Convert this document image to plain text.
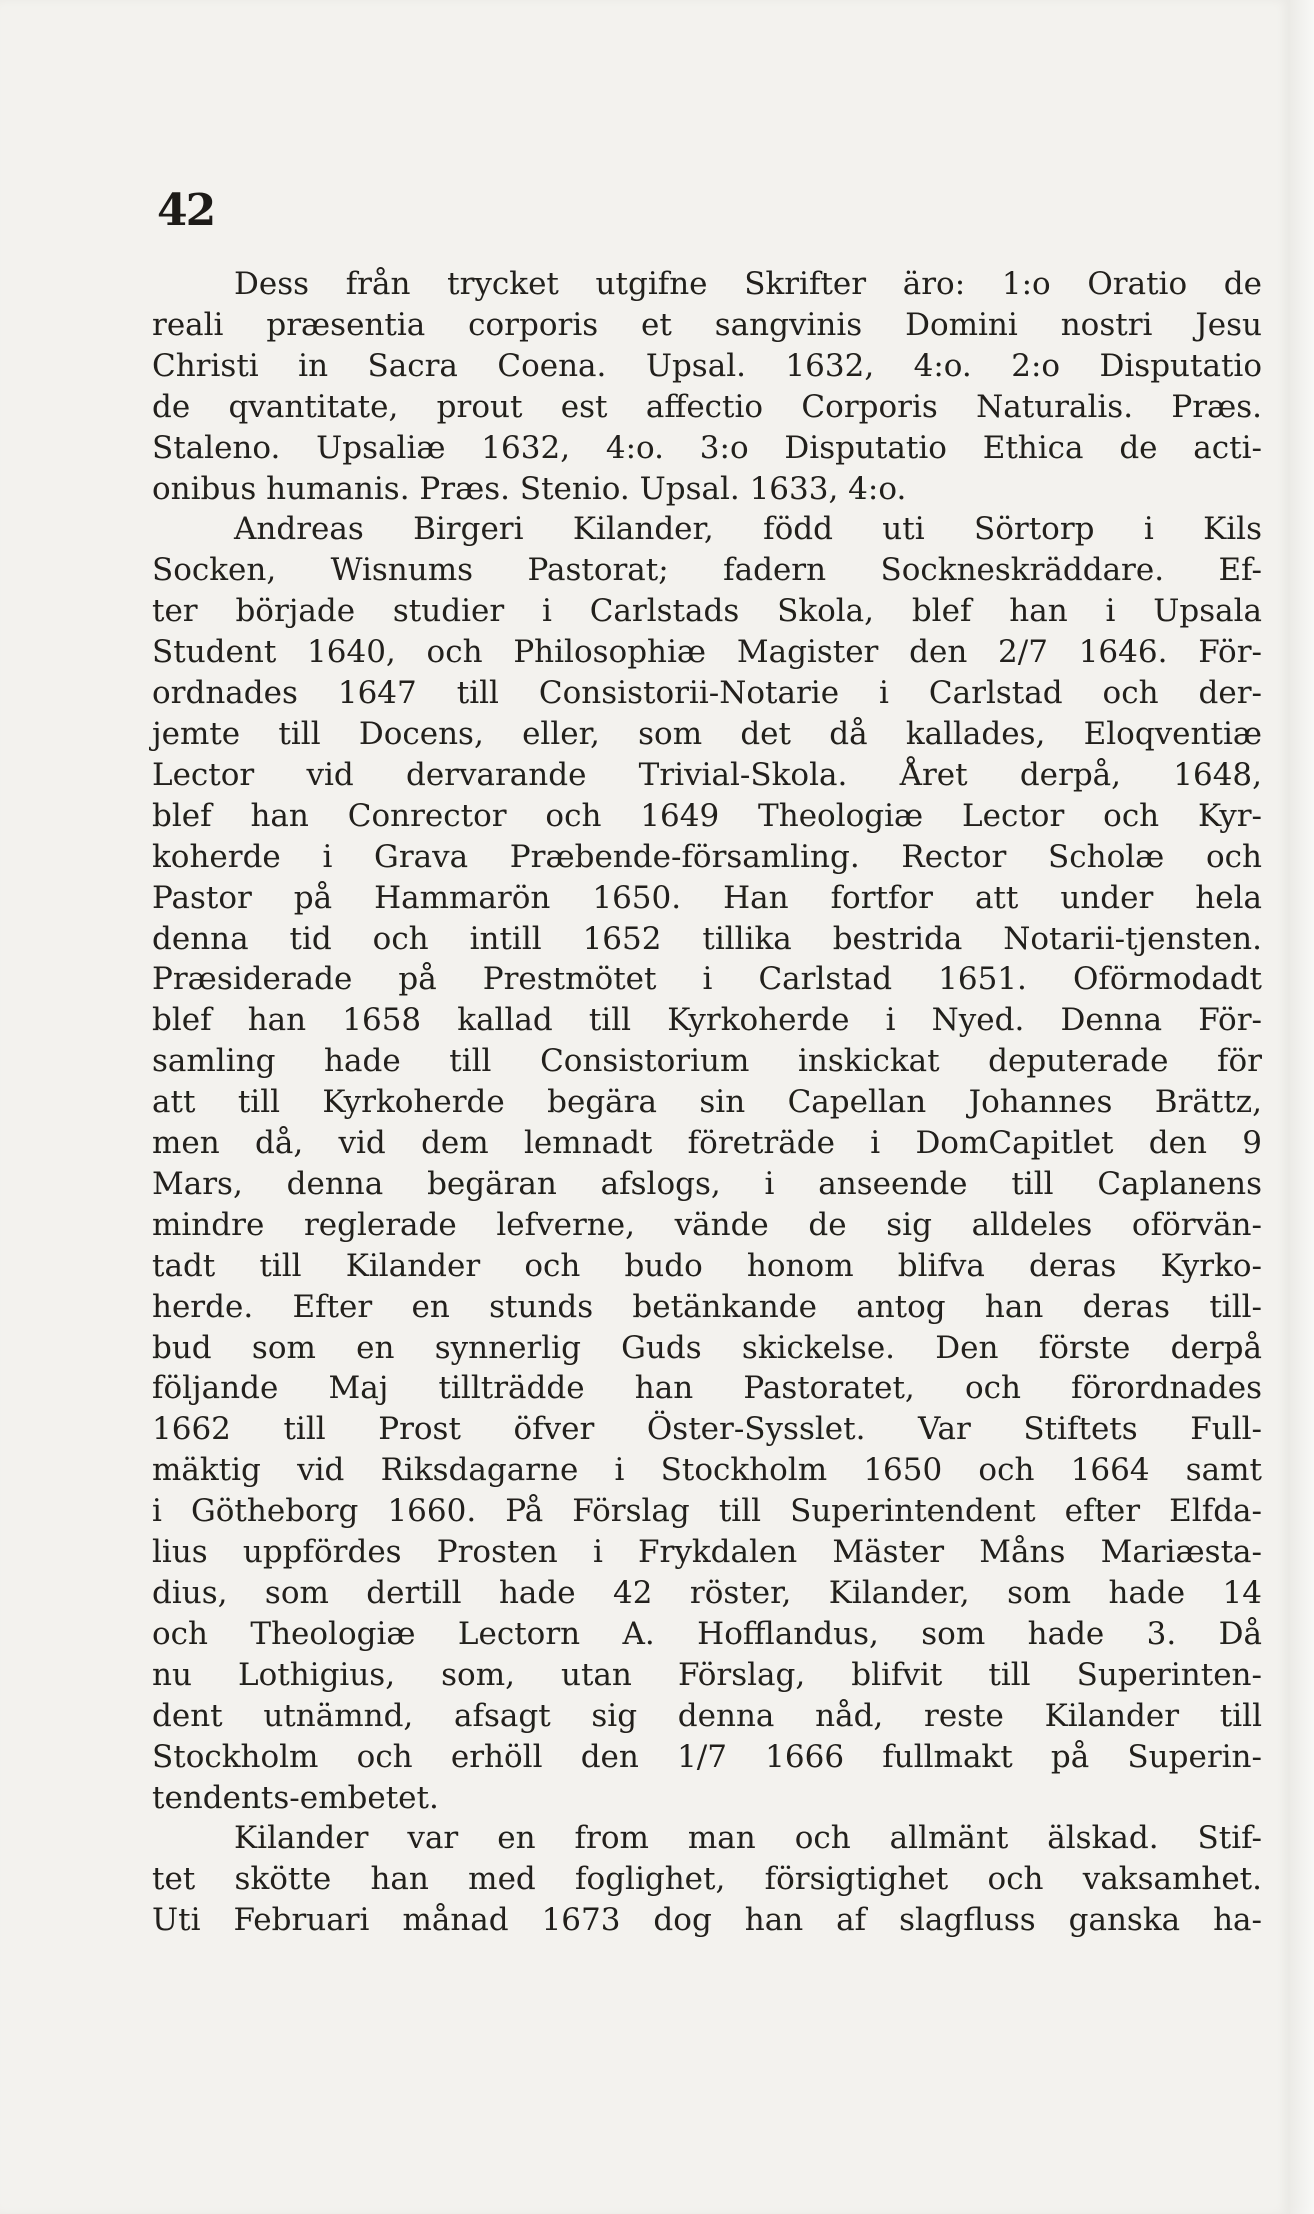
42
Dess från trycket utgifne Skrifter äro: 1:o Oratio de
reali præsentia corporis et sangvinis Domini nostri Jesu
Christi in Sacra Coena. Upsal. 1632, 4:o. 2:o Disputatio
de qvantitate, prout est affectio Corporis Naturalis. Præs.
Staleno. Upsaliæ 1632, 4:o. 3:o Disputatio Ethica de acti-
onibus humanis. Præs. Stenio. Upsal. 1633, 4:o.
Andreas Birgeri Kilander, född uti Sörtorp i Kils
Socken, Wisnums Pastorat; fadern Sockneskräddare. Ef-
ter började studier i Carlstads Skola, blef han i Upsala
Student 1640, och Philosophiæ Magister den 2/7 1646. För-
ordnades 1647 till Consistorii-Notarie i Carlstad och der-
jemte till Docens, eller, som det då kallades, Eloqventiæ
Lector vid dervarande Trivial-Skola. Året derpå, 1648,
blef han Conrector och 1649 Theologiæ Lector och Kyr-
koherde i Grava Præbende-församling. Rector Scholæ och
Pastor på Hammarön 1650. Han fortfor att under hela
denna tid och intill 1652 tillika bestrida Notarii-tjensten.
Præsiderade på Prestmötet i Carlstad 1651. Oförmodadt
blef han 1658 kallad till Kyrkoherde i Nyed. Denna För-
samling hade till Consistorium inskickat deputerade för
att till Kyrkoherde begära sin Capellan Johannes Brättz,
men då, vid dem lemnadt företräde i DomCapitlet den 9
Mars, denna begäran afslogs, i anseende till Caplanens
mindre reglerade lefverne, vände de sig alldeles oförvän-
tadt till Kilander och budo honom blifva deras Kyrko-
herde. Efter en stunds betänkande antog han deras till-
bud som en synnerlig Guds skickelse. Den förste derpå
följande Maj tillträdde han Pastoratet, och förordnades
1662 till Prost öfver Öster-Sysslet. Var Stiftets Full-
mäktig vid Riksdagarne i Stockholm 1650 och 1664 samt
i Götheborg 1660. På Förslag till Superintendent efter Elfda-
lius uppfördes Prosten i Frykdalen Mäster Måns Mariæsta-
dius, som dertill hade 42 röster, Kilander, som hade 14
och Theologiæ Lectorn A. Hofflandus, som hade 3. Då
nu Lothigius, som, utan Förslag, blifvit till Superinten-
dent utnämnd, afsagt sig denna nåd, reste Kilander till
Stockholm och erhöll den 1/7 1666 fullmakt på Superin-
tendents-embetet.
Kilander var en from man och allmänt älskad. Stif-
tet skötte han med foglighet, försigtighet och vaksamhet.
Uti Februari månad 1673 dog han af slagfluss ganska ha-
